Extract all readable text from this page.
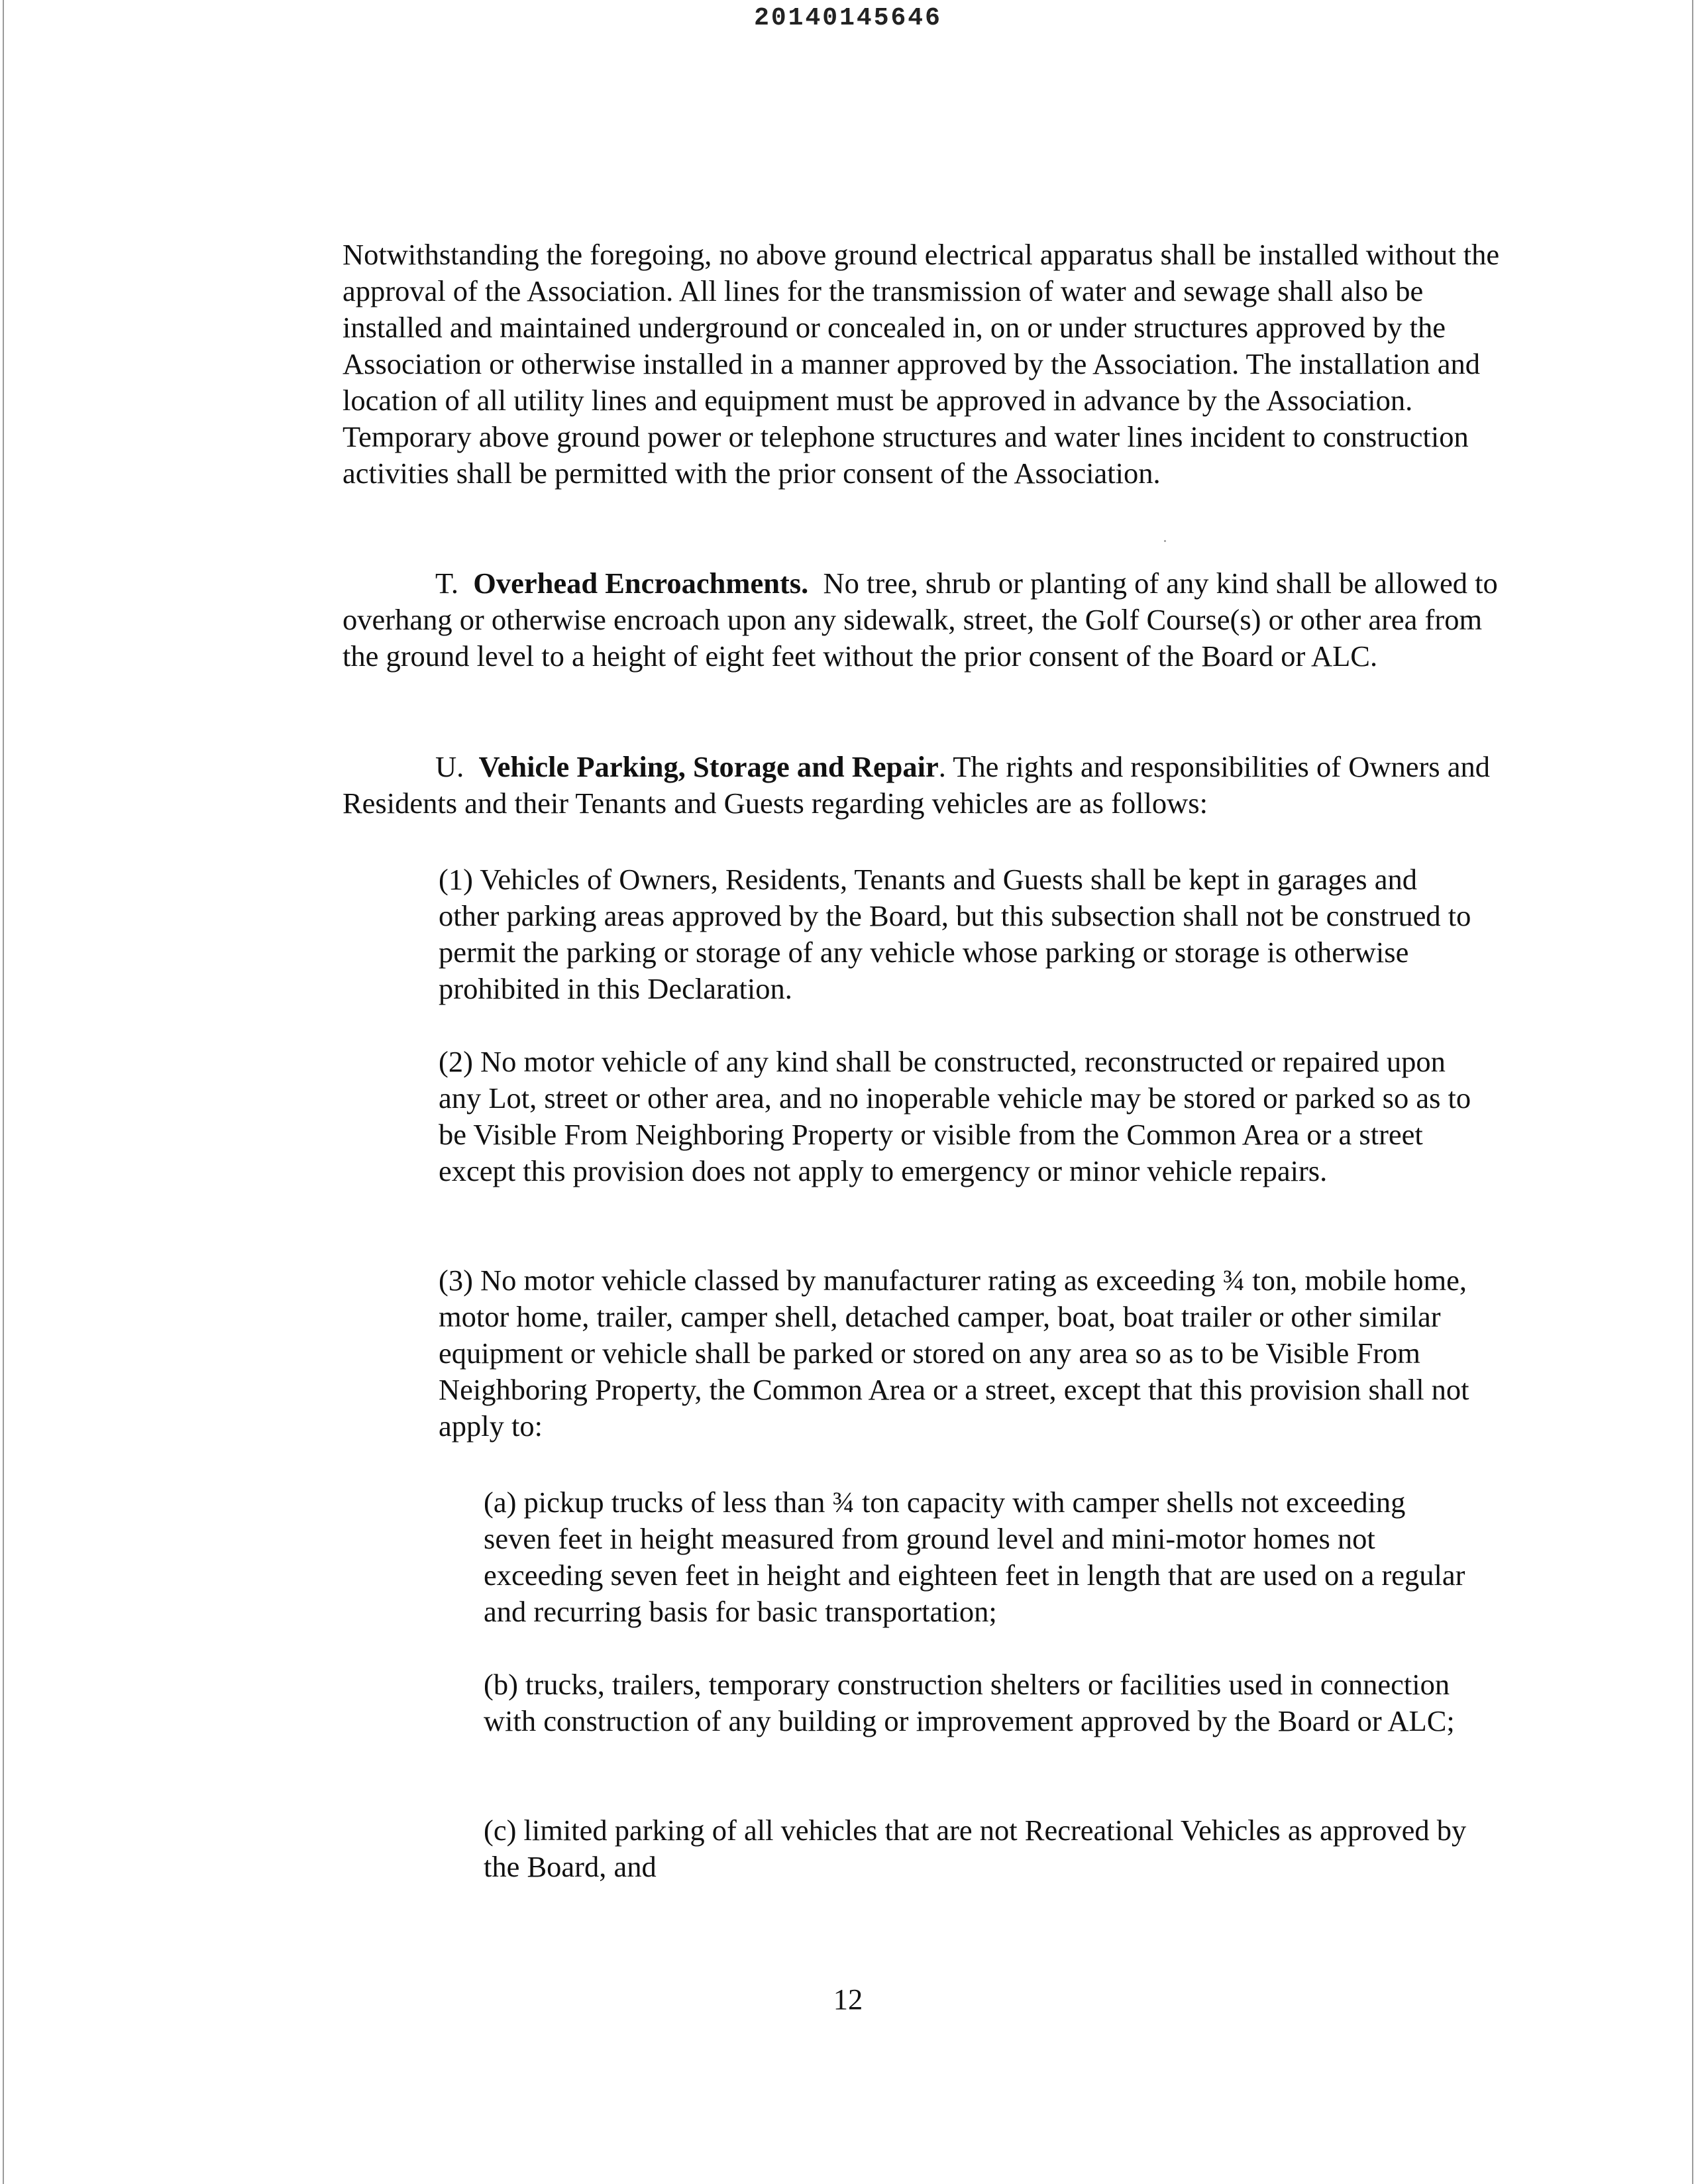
20140145646

Notwithstanding the foregoing, no above ground electrical apparatus shall be installed without the approval of the Association. All lines for the transmission of water and sewage shall also be installed and maintained underground or concealed in, on or under structures approved by the Association or otherwise installed in a manner approved by the Association. The installation and location of all utility lines and equipment must be approved in advance by the Association. Temporary above ground power or telephone structures and water lines incident to construction activities shall be permitted with the prior consent of the Association.

T. Overhead Encroachments. No tree, shrub or planting of any kind shall be allowed to overhang or otherwise encroach upon any sidewalk, street, the Golf Course(s) or other area from the ground level to a height of eight feet without the prior consent of the Board or ALC.

U. Vehicle Parking, Storage and Repair. The rights and responsibilities of Owners and Residents and their Tenants and Guests regarding vehicles are as follows:

(1) Vehicles of Owners, Residents, Tenants and Guests shall be kept in garages and other parking areas approved by the Board, but this subsection shall not be construed to permit the parking or storage of any vehicle whose parking or storage is otherwise prohibited in this Declaration.

(2) No motor vehicle of any kind shall be constructed, reconstructed or repaired upon any Lot, street or other area, and no inoperable vehicle may be stored or parked so as to be Visible From Neighboring Property or visible from the Common Area or a street except this provision does not apply to emergency or minor vehicle repairs.

(3) No motor vehicle classed by manufacturer rating as exceeding ¾ ton, mobile home, motor home, trailer, camper shell, detached camper, boat, boat trailer or other similar equipment or vehicle shall be parked or stored on any area so as to be Visible From Neighboring Property, the Common Area or a street, except that this provision shall not apply to:

(a) pickup trucks of less than ¾ ton capacity with camper shells not exceeding seven feet in height measured from ground level and mini-motor homes not exceeding seven feet in height and eighteen feet in length that are used on a regular and recurring basis for basic transportation;

(b) trucks, trailers, temporary construction shelters or facilities used in connection with construction of any building or improvement approved by the Board or ALC;

(c) limited parking of all vehicles that are not Recreational Vehicles as approved by the Board, and

12
